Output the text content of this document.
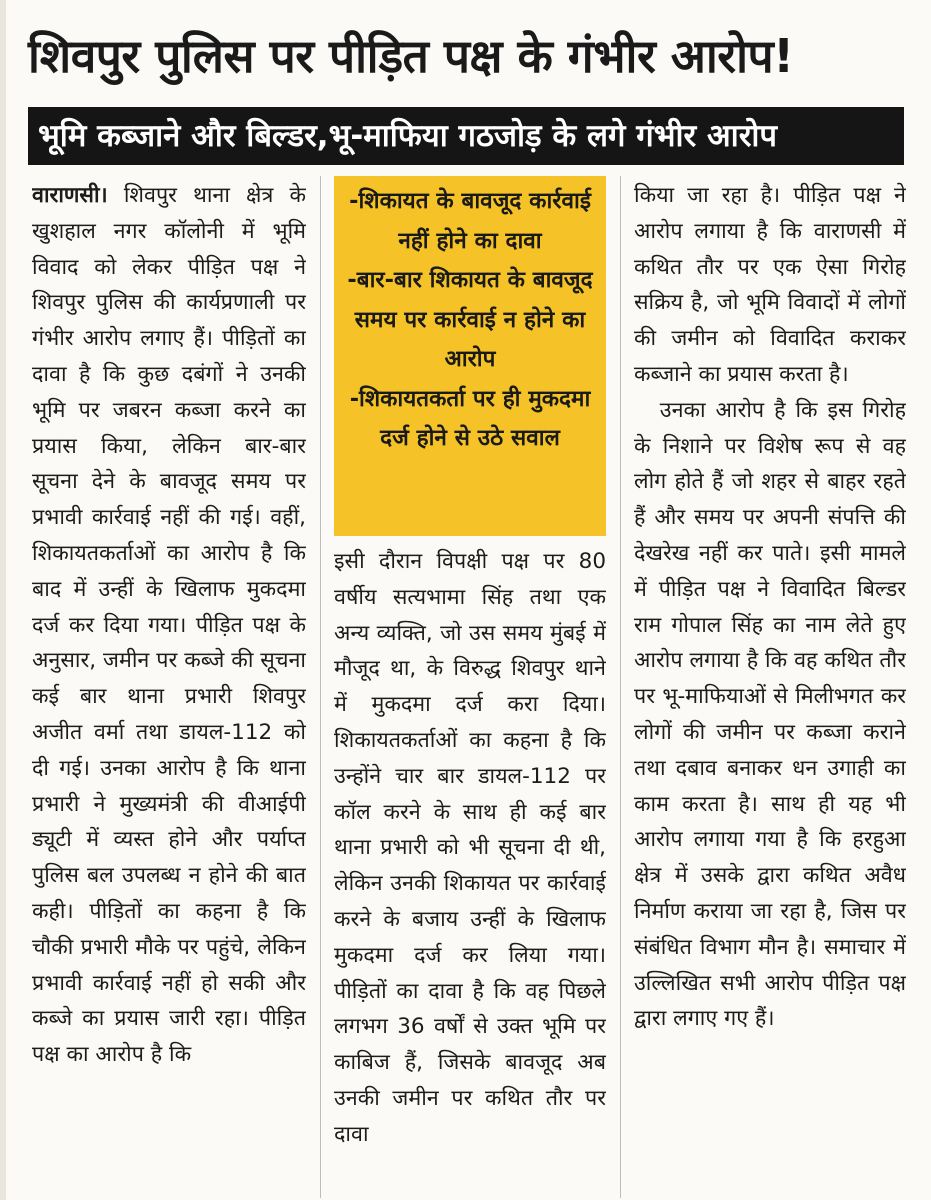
शिवपुर पुलिस पर पीड़ित पक्ष के गंभीर आरोप!
भूमि कब्जाने और बिल्डर,भू-माफिया गठजोड़ के लगे गंभीर आरोप

वाराणसी। शिवपुर थाना क्षेत्र के खुशहाल नगर कॉलोनी में भूमि विवाद को लेकर पीड़ित पक्ष ने शिवपुर पुलिस की कार्यप्रणाली पर गंभीर आरोप लगाए हैं। पीड़ितों का दावा है कि कुछ दबंगों ने उनकी भूमि पर जबरन कब्जा करने का प्रयास किया, लेकिन बार-बार सूचना देने के बावजूद समय पर प्रभावी कार्रवाई नहीं की गई। वहीं, शिकायतकर्ताओं का आरोप है कि बाद में उन्हीं के खिलाफ मुकदमा दर्ज कर दिया गया। पीड़ित पक्ष के अनुसार, जमीन पर कब्जे की सूचना कई बार थाना प्रभारी शिवपुर अजीत वर्मा तथा डायल-112 को दी गई। उनका आरोप है कि थाना प्रभारी ने मुख्यमंत्री की वीआईपी ड्यूटी में व्यस्त होने और पर्याप्त पुलिस बल उपलब्ध न होने की बात कही। पीड़ितों का कहना है कि चौकी प्रभारी मौके पर पहुंचे, लेकिन प्रभावी कार्रवाई नहीं हो सकी और कब्जे का प्रयास जारी रहा। पीड़ित पक्ष का आरोप है कि

-शिकायत के बावजूद कार्रवाई नहीं होने का दावा

-बार-बार शिकायत के बावजूद समय पर कार्रवाई न होने का आरोप

-शिकायतकर्ता पर ही मुकदमा दर्ज होने से उठे सवाल

इसी दौरान विपक्षी पक्ष पर 80 वर्षीय सत्यभामा सिंह तथा एक अन्य व्यक्ति, जो उस समय मुंबई में मौजूद था, के विरुद्ध शिवपुर थाने में मुकदमा दर्ज करा दिया। शिकायतकर्ताओं का कहना है कि उन्होंने चार बार डायल-112 पर कॉल करने के साथ ही कई बार थाना प्रभारी को भी सूचना दी थी, लेकिन उनकी शिकायत पर कार्रवाई करने के बजाय उन्हीं के खिलाफ मुकदमा दर्ज कर लिया गया। पीड़ितों का दावा है कि वह पिछले लगभग 36 वर्षों से उक्त भूमि पर काबिज हैं, जिसके बावजूद अब उनकी जमीन पर कथित तौर पर दावा

किया जा रहा है। पीड़ित पक्ष ने आरोप लगाया है कि वाराणसी में कथित तौर पर एक ऐसा गिरोह सक्रिय है, जो भूमि विवादों में लोगों की जमीन को विवादित कराकर कब्जाने का प्रयास करता है।

उनका आरोप है कि इस गिरोह के निशाने पर विशेष रूप से वह लोग होते हैं जो शहर से बाहर रहते हैं और समय पर अपनी संपत्ति की देखरेख नहीं कर पाते। इसी मामले में पीड़ित पक्ष ने विवादित बिल्डर राम गोपाल सिंह का नाम लेते हुए आरोप लगाया है कि वह कथित तौर पर भू-माफियाओं से मिलीभगत कर लोगों की जमीन पर कब्जा कराने तथा दबाव बनाकर धन उगाही का काम करता है। साथ ही यह भी आरोप लगाया गया है कि हरहुआ क्षेत्र में उसके द्वारा कथित अवैध निर्माण कराया जा रहा है, जिस पर संबंधित विभाग मौन है। समाचार में उल्लिखित सभी आरोप पीड़ित पक्ष द्वारा लगाए गए हैं।
